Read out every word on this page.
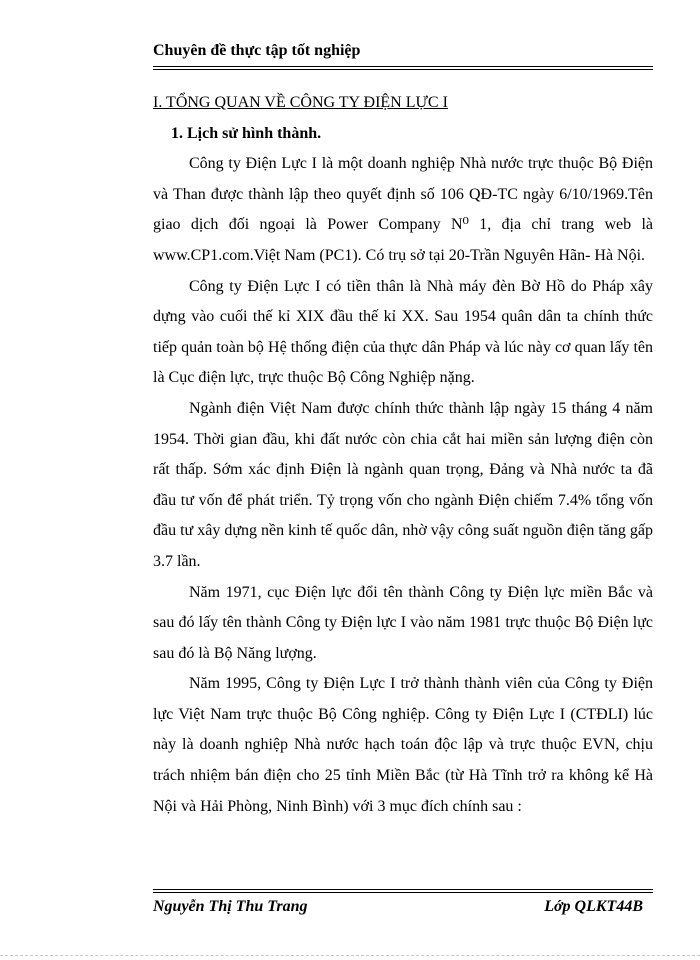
Chuyên đề thực tập tốt nghiệp

I. TỔNG QUAN VỀ CÔNG TY ĐIỆN LỰC I

1. Lịch sử hình thành.

Công ty Điện Lực I là một doanh nghiệp Nhà nước trực thuộc Bộ Điện và Than được thành lập theo quyết định số 106 QĐ-TC ngày 6/10/1969.Tên giao dịch đối ngoại là Power Company N⁰ 1, địa chỉ trang web là www.CP1.com.Việt Nam (PC1). Có trụ sở tại 20-Trần Nguyên Hãn- Hà Nội.

Công ty Điện Lực I có tiền thân là Nhà máy đèn Bờ Hồ do Pháp xây dựng vào cuối thế kỉ XIX đầu thế kỉ XX. Sau 1954 quân dân ta chính thức tiếp quản toàn bộ Hệ thống điện của thực dân Pháp và lúc này cơ quan lấy tên là Cục điện lực, trực thuộc Bộ Công Nghiệp nặng.

Ngành điện Việt Nam được chính thức thành lập ngày 15 tháng 4 năm 1954. Thời gian đầu, khi đất nước còn chia cắt hai miền sản lượng điện còn rất thấp. Sớm xác định Điện là ngành quan trọng, Đảng và Nhà nước ta đã đầu tư vốn để phát triển. Tỷ trọng vốn cho ngành Điện chiếm 7.4% tổng vốn đầu tư xây dựng nền kinh tế quốc dân, nhờ vậy công suất nguồn điện tăng gấp 3.7 lần.

Năm 1971, cục Điện lực đổi tên thành Công ty Điện lực miền Bắc và sau đó lấy tên thành Công ty Điện lực I vào năm 1981 trực thuộc Bộ Điện lực sau đó là Bộ Năng lượng.

Năm 1995, Công ty Điện Lực I trở thành thành viên của Công ty Điện lực Việt Nam trực thuộc Bộ Công nghiệp. Công ty Điện Lực I (CTĐLI) lúc này là doanh nghiệp Nhà nước hạch toán độc lập và trực thuộc EVN, chịu trách nhiệm bán điện cho 25 tỉnh Miền Bắc (từ Hà Tĩnh trở ra không kể Hà Nội và Hải Phòng, Ninh Bình) với 3 mục đích chính sau :

Nguyễn Thị Thu Trang	Lớp QLKT44B
